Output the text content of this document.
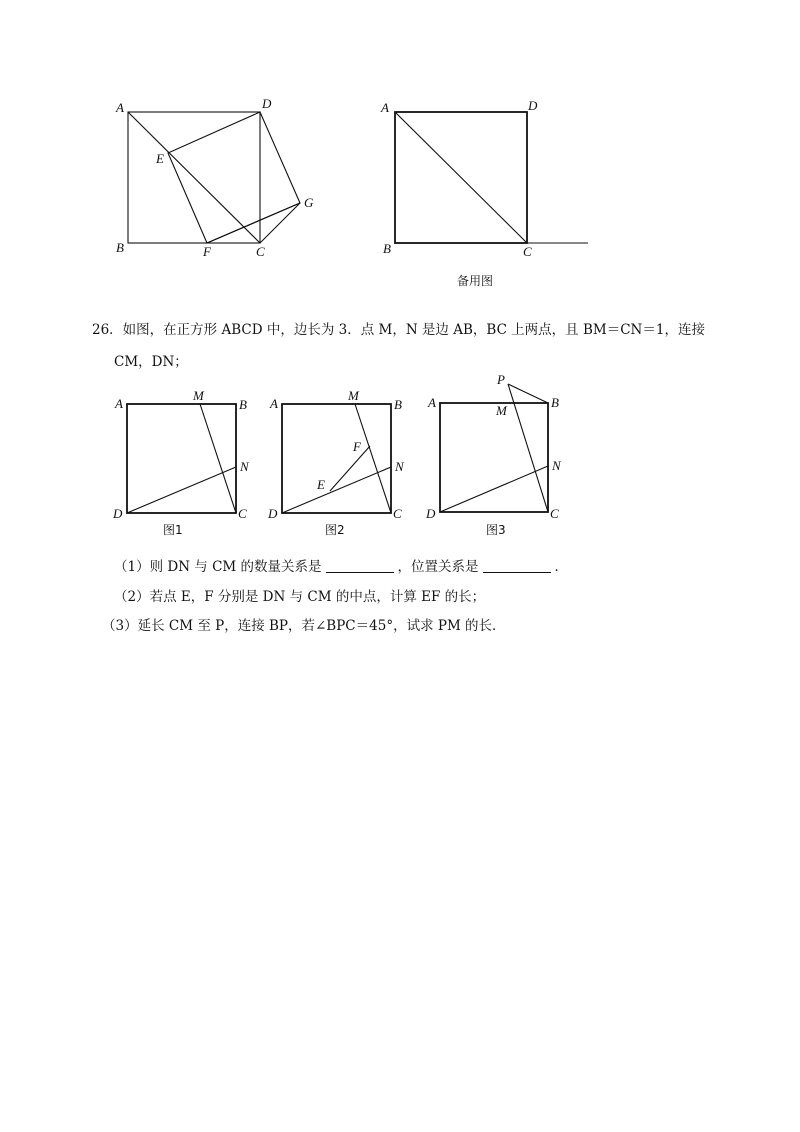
A	D
E
G
B	F	C
A	D
B	C
备用图
A
M
B
N
D	C
图1
A
M
B
F
N
E
D	C
图2
P
A
M
B
N
D	C
图3
26．如图，在正方形 ABCD 中，边长为 3．点 M，N 是边 AB，BC 上两点，且 BM＝CN＝1，连接
CM，DN；
（1）则 DN 与 CM 的数量关系是	，位置关系是	．
（2）若点 E，F 分别是 DN 与 CM 的中点，计算 EF 的长；
（3）延长 CM 至 P，连接 BP，若∠BPC＝45°，试求 PM 的长．
